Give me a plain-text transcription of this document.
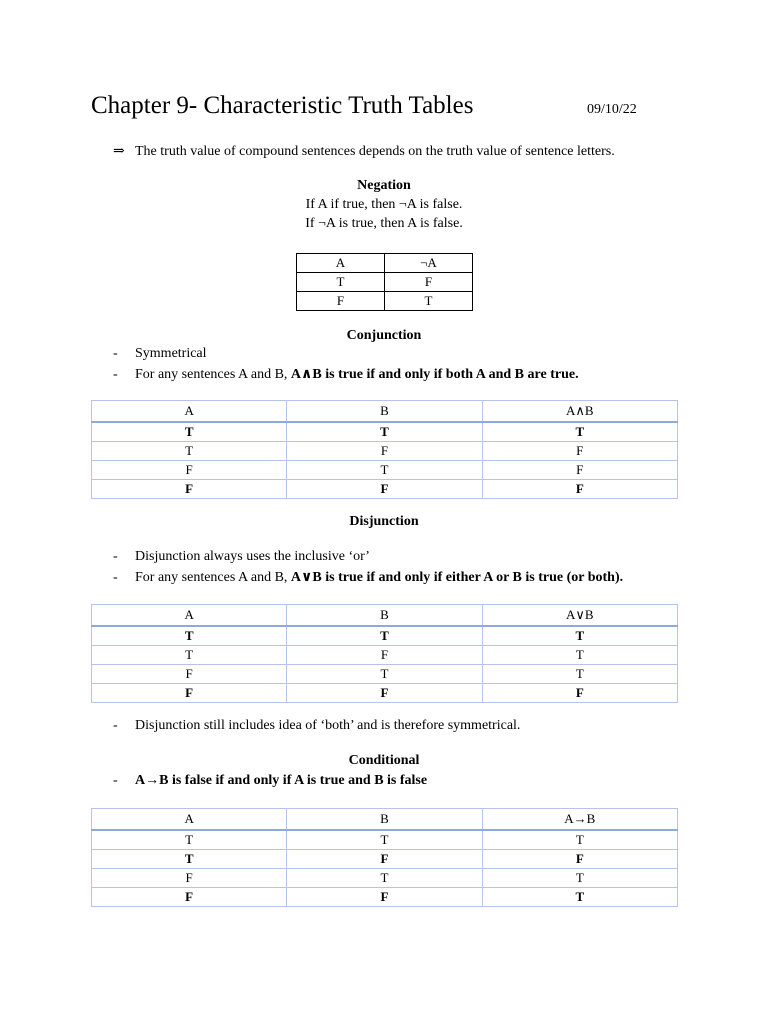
Chapter 9- Characteristic Truth Tables	09/10/22
⇒ The truth value of compound sentences depends on the truth value of sentence letters.
Negation
If A if true, then ¬A is false.
If ¬A is true, then A is false.
A	¬A
T	F
F	T
Conjunction
- Symmetrical
- For any sentences A and B, A∧B is true if and only if both A and B are true.
A	B	A∧B
T	T	T
T	F	F
F	T	F
F	F	F
Disjunction
- Disjunction always uses the inclusive ‘or’
- For any sentences A and B, A∨B is true if and only if either A or B is true (or both).
A	B	A∨B
T	T	T
T	F	T
F	T	T
F	F	F
- Disjunction still includes idea of ‘both’ and is therefore symmetrical.
Conditional
- A→B is false if and only if A is true and B is false
A	B	A→B
T	T	T
T	F	F
F	T	T
F	F	T
